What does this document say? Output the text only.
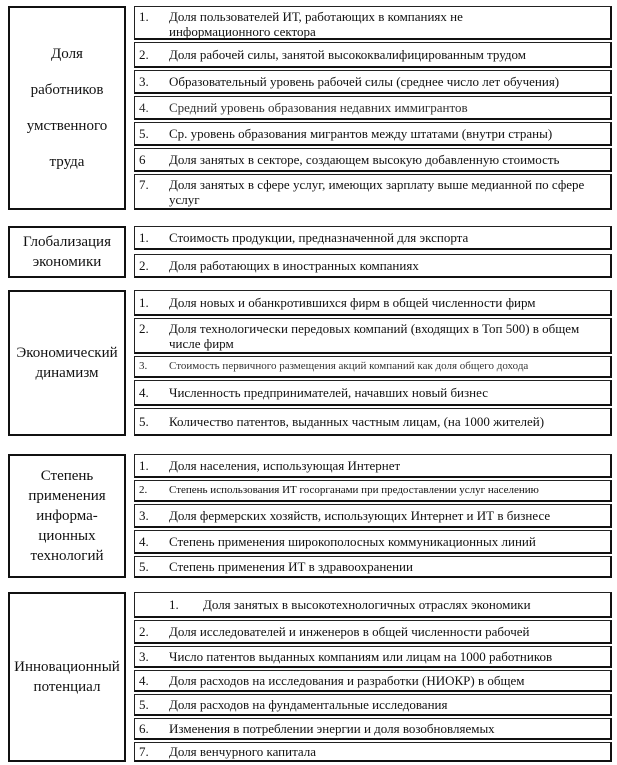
Доля
работников
умственного
труда
1.	Доля пользователей ИТ, работающих в компаниях не информационного сектора
2.	Доля рабочей силы, занятой высококвалифицированным трудом
3.	Образовательный уровень рабочей силы (среднее число лет обучения)
4.	Средний уровень образования недавних иммигрантов
5.	Ср. уровень образования мигрантов между штатами (внутри страны)
6	Доля занятых в секторе, создающем высокую добавленную стоимость
7.	Доля занятых в сфере услуг, имеющих зарплату выше медианной по сфере услуг
Глобализация
экономики
1.	Стоимость продукции, предназначенной для экспорта
2.	Доля работающих в иностранных компаниях
Экономический
динамизм
1.	Доля новых и обанкротившихся фирм в общей численности фирм
2.	Доля технологически передовых компаний (входящих в Топ 500) в общем числе фирм
3.	Стоимость первичного размещения акций компаний как доля общего дохода
4.	Численность предпринимателей, начавших новый бизнес
5.	Количество патентов, выданных частным лицам, (на 1000 жителей)
Степень
применения
информа-
ционных
технологий
1.	Доля населения, использующая Интернет
2.	Степень использования ИТ госорганами при предоставлении услуг населению
3.	Доля фермерских хозяйств, использующих Интернет и ИТ в бизнесе
4.	Степень применения широкополосных коммуникационных линий
5.	Степень применения ИТ в здравоохранении
Инновационный
потенциал
1.	Доля занятых в высокотехнологичных отраслях экономики
2.	Доля исследователей и инженеров в общей численности рабочей
3.	Число патентов выданных компаниям или лицам на 1000 работников
4.	Доля расходов на исследования и разработки (НИОКР) в общем
5.	Доля расходов на фундаментальные исследования
6.	Изменения в потреблении энергии и доля возобновляемых
7.	Доля венчурного капитала
